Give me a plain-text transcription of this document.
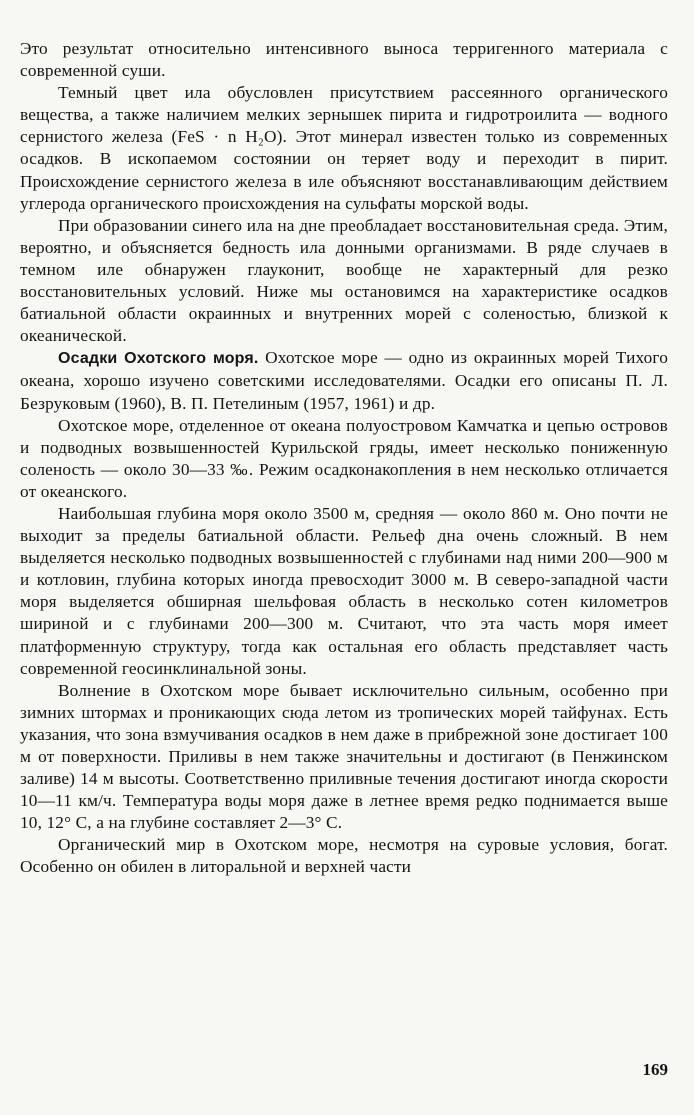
Это результат относительно интенсивного выноса терригенного материала с современной суши.

Темный цвет ила обусловлен присутствием рассеянного органического вещества, а также наличием мелких зернышек пирита и гидротроилита — водного сернистого железа (FeS · n H₂O). Этот минерал известен только из современных осадков. В ископаемом состоянии он теряет воду и переходит в пирит. Происхождение сернистого железа в иле объясняют восстанавливающим действием углерода органического происхождения на сульфаты морской воды.

При образовании синего ила на дне преобладает восстановительная среда. Этим, вероятно, и объясняется бедность ила донными организмами. В ряде случаев в темном иле обнаружен глауконит, вообще не характерный для резко восстановительных условий. Ниже мы остановимся на характеристике осадков батиальной области окраинных и внутренних морей с соленостью, близкой к океанической.

Осадки Охотского моря. Охотское море — одно из окраинных морей Тихого океана, хорошо изучено советскими исследователями. Осадки его описаны П. Л. Безруковым (1960), В. П. Петелиным (1957, 1961) и др.

Охотское море, отделенное от океана полуостровом Камчатка и цепью островов и подводных возвышенностей Курильской гряды, имеет несколько пониженную соленость — около 30—33 ‰. Режим осадконакопления в нем несколько отличается от океанского.

Наибольшая глубина моря около 3500 м, средняя — около 860 м. Оно почти не выходит за пределы батиальной области. Рельеф дна очень сложный. В нем выделяется несколько подводных возвышенностей с глубинами над ними 200—900 м и котловин, глубина которых иногда превосходит 3000 м. В северо-западной части моря выделяется обширная шельфовая область в несколько сотен километров шириной и с глубинами 200—300 м. Считают, что эта часть моря имеет платформенную структуру, тогда как остальная его область представляет часть современной геосинклинальной зоны.

Волнение в Охотском море бывает исключительно сильным, особенно при зимних штормах и проникающих сюда летом из тропических морей тайфунах. Есть указания, что зона взмучивания осадков в нем даже в прибрежной зоне достигает 100 м от поверхности. Приливы в нем также значительны и достигают (в Пенжинском заливе) 14 м высоты. Соответственно приливные течения достигают иногда скорости 10—11 км/ч. Температура воды моря даже в летнее время редко поднимается выше 10, 12° С, а на глубине составляет 2—3° С.

Органический мир в Охотском море, несмотря на суровые условия, богат. Особенно он обилен в литоральной и верхней части

169
